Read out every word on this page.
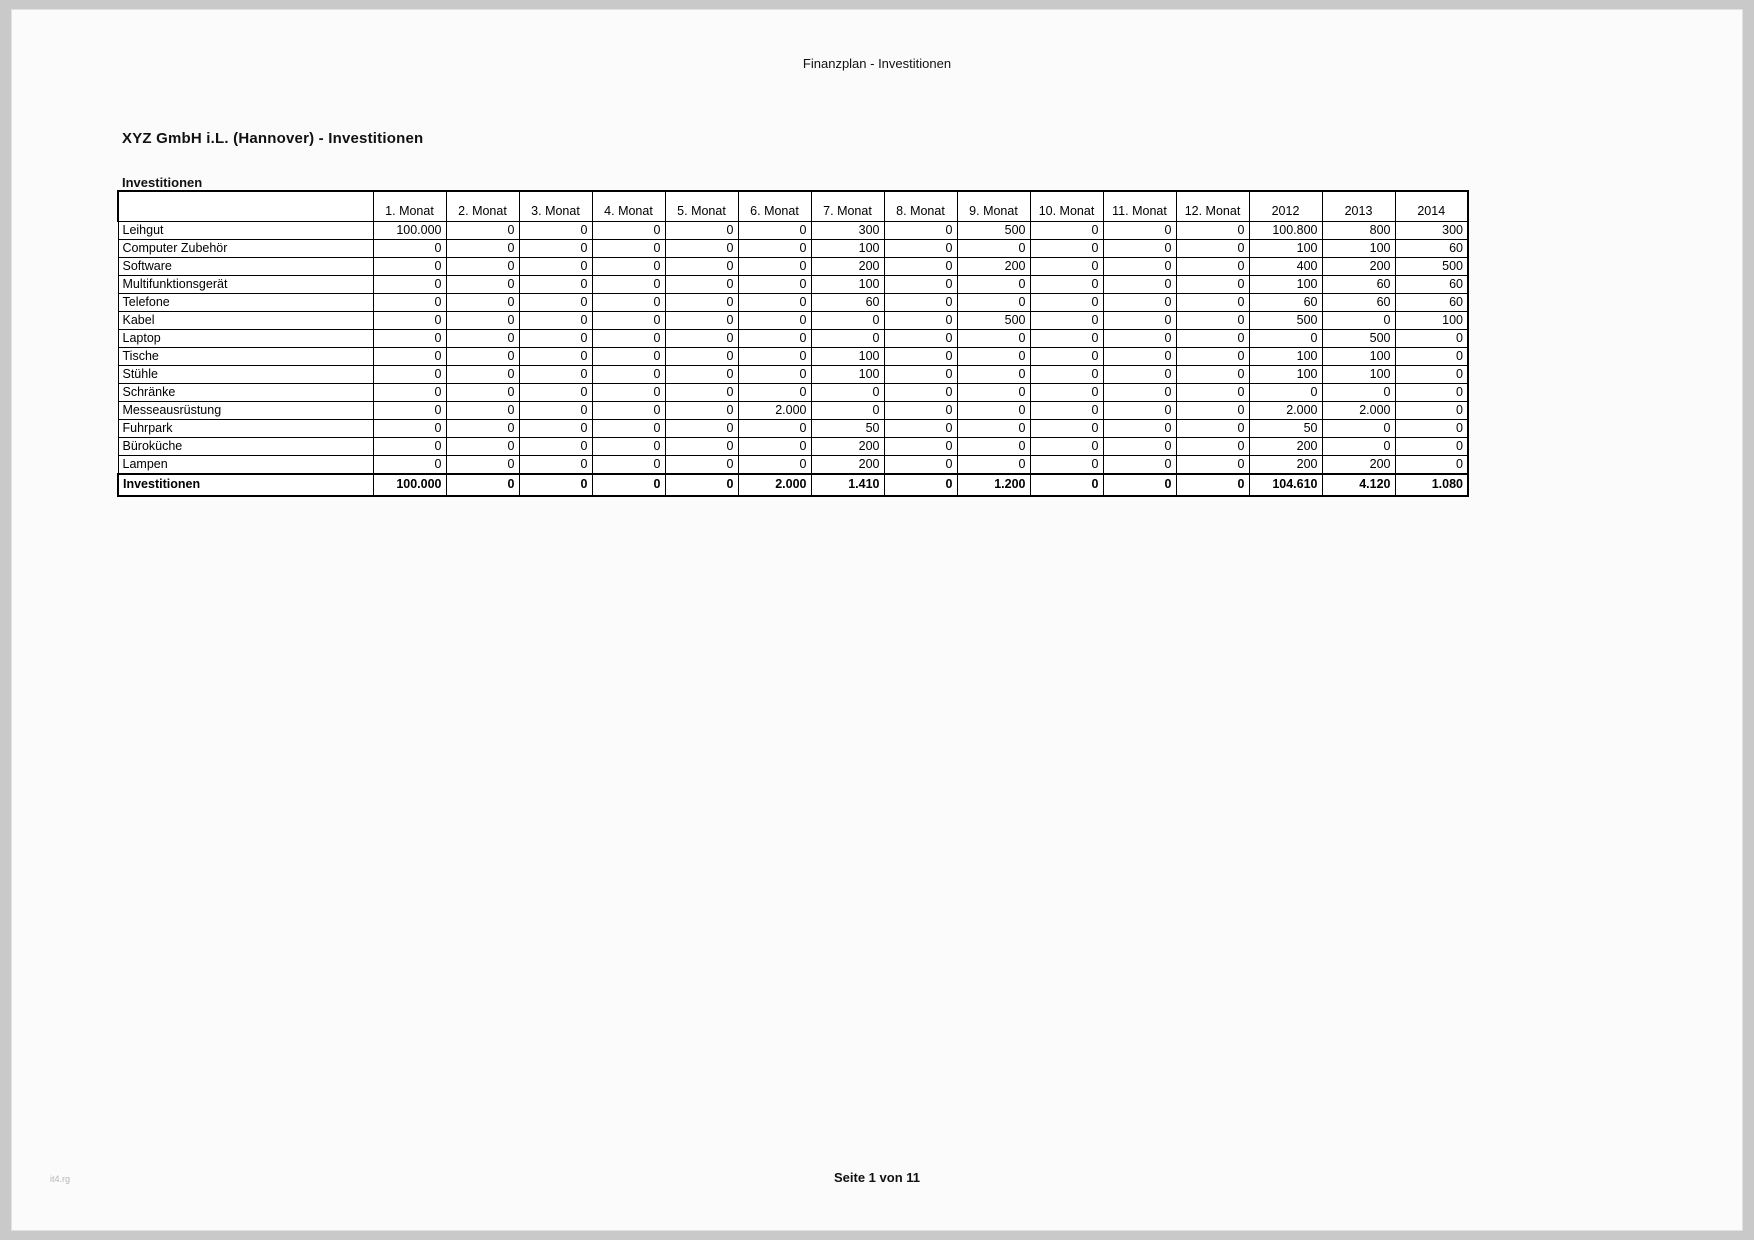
Finanzplan - Investitionen
XYZ GmbH i.L. (Hannover) - Investitionen
Investitionen
	1. Monat	2. Monat	3. Monat	4. Monat	5. Monat	6. Monat	7. Monat	8. Monat	9. Monat	10. Monat	11. Monat	12. Monat	2012	2013	2014
Leihgut	100.000	0	0	0	0	0	300	0	500	0	0	0	100.800	800	300
Computer Zubehör	0	0	0	0	0	0	100	0	0	0	0	0	100	100	60
Software	0	0	0	0	0	0	200	0	200	0	0	0	400	200	500
Multifunktionsgerät	0	0	0	0	0	0	100	0	0	0	0	0	100	60	60
Telefone	0	0	0	0	0	0	60	0	0	0	0	0	60	60	60
Kabel	0	0	0	0	0	0	0	0	500	0	0	0	500	0	100
Laptop	0	0	0	0	0	0	0	0	0	0	0	0	0	500	0
Tische	0	0	0	0	0	0	100	0	0	0	0	0	100	100	0
Stühle	0	0	0	0	0	0	100	0	0	0	0	0	100	100	0
Schränke	0	0	0	0	0	0	0	0	0	0	0	0	0	0	0
Messeausrüstung	0	0	0	0	0	2.000	0	0	0	0	0	0	2.000	2.000	0
Fuhrpark	0	0	0	0	0	0	50	0	0	0	0	0	50	0	0
Büroküche	0	0	0	0	0	0	200	0	0	0	0	0	200	0	0
Lampen	0	0	0	0	0	0	200	0	0	0	0	0	200	200	0
Investitionen	100.000	0	0	0	0	2.000	1.410	0	1.200	0	0	0	104.610	4.120	1.080
Seite 1 von 11
it4.rg
